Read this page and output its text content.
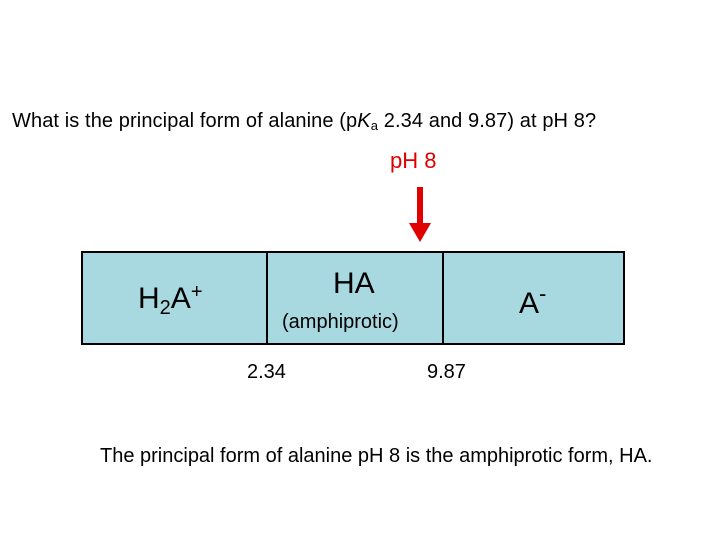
What is the principal form of alanine ($pK_a$ 2.34 and 9.87) at pH 8?
pH 8
$H_2A^+$	HA
(amphiprotic)
A-
2.34	9.87
The principal form of alanine pH 8 is the amphiprotic form, HA.
